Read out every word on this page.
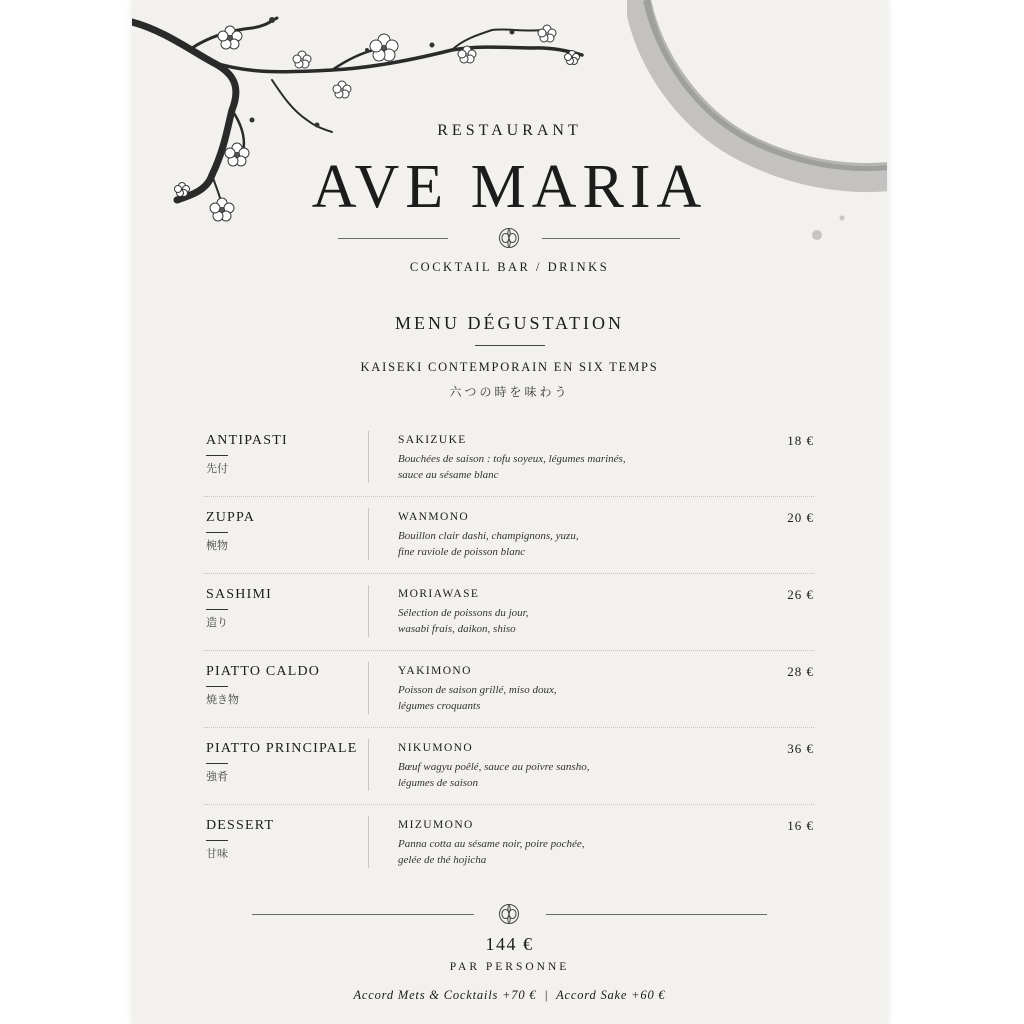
RESTAURANT
AVE MARIA
COCKTAIL BAR / DRINKS
MENU DÉGUSTATION
KAISEKI CONTEMPORAIN EN SIX TEMPS
六つの時を味わう
ANTIPASTI
先付
SAKIZUKE
Bouchées de saison : tofu soyeux, légumes marinés,
sauce au sésame blanc
18 €
ZUPPA
椀物
WANMONO
Bouillon clair dashi, champignons, yuzu,
fine raviole de poisson blanc
20 €
SASHIMI
造り
MORIAWASE
Sélection de poissons du jour,
wasabi frais, daikon, shiso
26 €
PIATTO CALDO
焼き物
YAKIMONO
Poisson de saison grillé, miso doux,
légumes croquants
28 €
PIATTO PRINCIPALE
強肴
NIKUMONO
Bœuf wagyu poêlé, sauce au poivre sansho,
légumes de saison
36 €
DESSERT
甘味
MIZUMONO
Panna cotta au sésame noir, poire pochée,
gelée de thé hojicha
16 €
144 €
PAR PERSONNE
Accord Mets & Cocktails +70 €  |  Accord Sake +60 €
